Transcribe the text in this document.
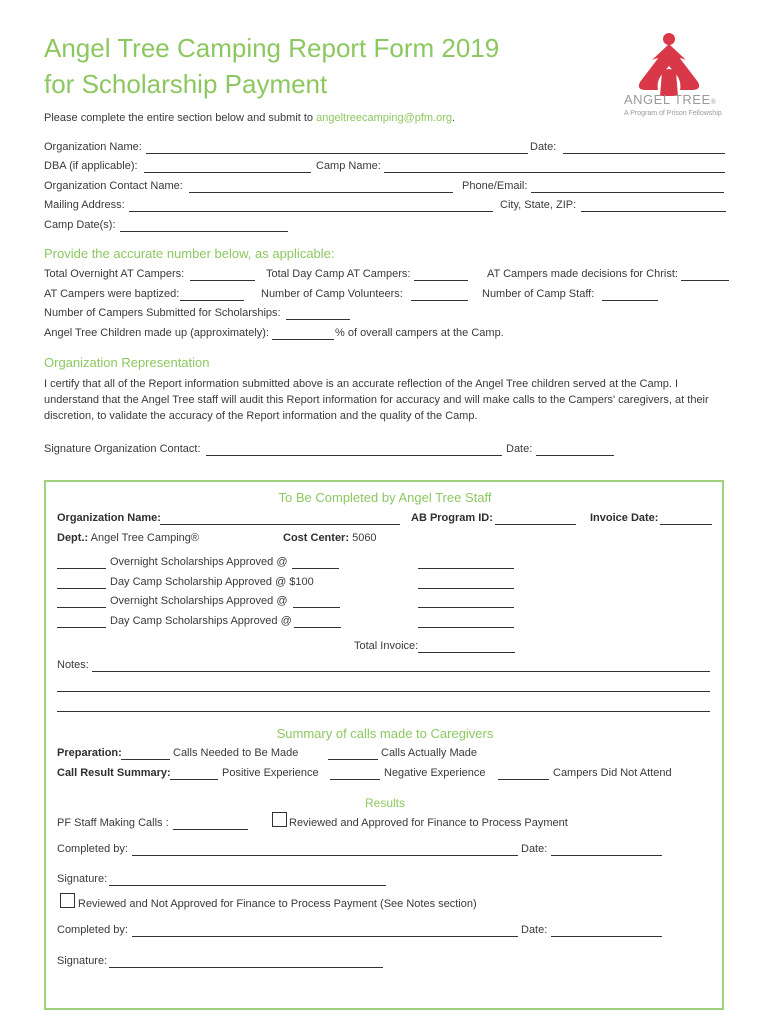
Angel Tree Camping Report Form 2019
for Scholarship Payment
ANGEL TREE®
A Program of Prison Fellowship
Please complete the entire section below and submit to angeltreecamping@pfm.org.
Organization Name:	Date:
DBA (if applicable):	Camp Name:
Organization Contact Name:	Phone/Email:
Mailing Address:	City, State, ZIP:
Camp Date(s):
Provide the accurate number below, as applicable:
Total Overnight AT Campers:	Total Day Camp AT Campers:	AT Campers made decisions for Christ:
AT Campers were baptized:	Number of Camp Volunteers:	Number of Camp Staff:
Number of Campers Submitted for Scholarships:
Angel Tree Children made up (approximately):	% of overall campers at the Camp.
Organization Representation
I certify that all of the Report information submitted above is an accurate reflection of the Angel Tree children served at the Camp. I understand that the Angel Tree staff will audit this Report information for accuracy and will make calls to the Campers' caregivers, at their discretion, to validate the accuracy of the Report information and the quality of the Camp.
Signature Organization Contact:	Date:
To Be Completed by Angel Tree Staff
Organization Name:	AB Program ID:	Invoice Date:
Dept.: Angel Tree Camping®	Cost Center: 5060
Overnight Scholarships Approved @
Day Camp Scholarship Approved @ $100
Overnight Scholarships Approved @
Day Camp Scholarships Approved @
Total Invoice:
Notes:
Summary of calls made to Caregivers
Preparation:	Calls Needed to Be Made	Calls Actually Made
Call Result Summary:	Positive Experience	Negative Experience	Campers Did Not Attend
Results
PF Staff Making Calls :	Reviewed and Approved for Finance to Process Payment
Completed by:	Date:
Signature:
Reviewed and Not Approved for Finance to Process Payment (See Notes section)
Completed by:	Date:
Signature:
